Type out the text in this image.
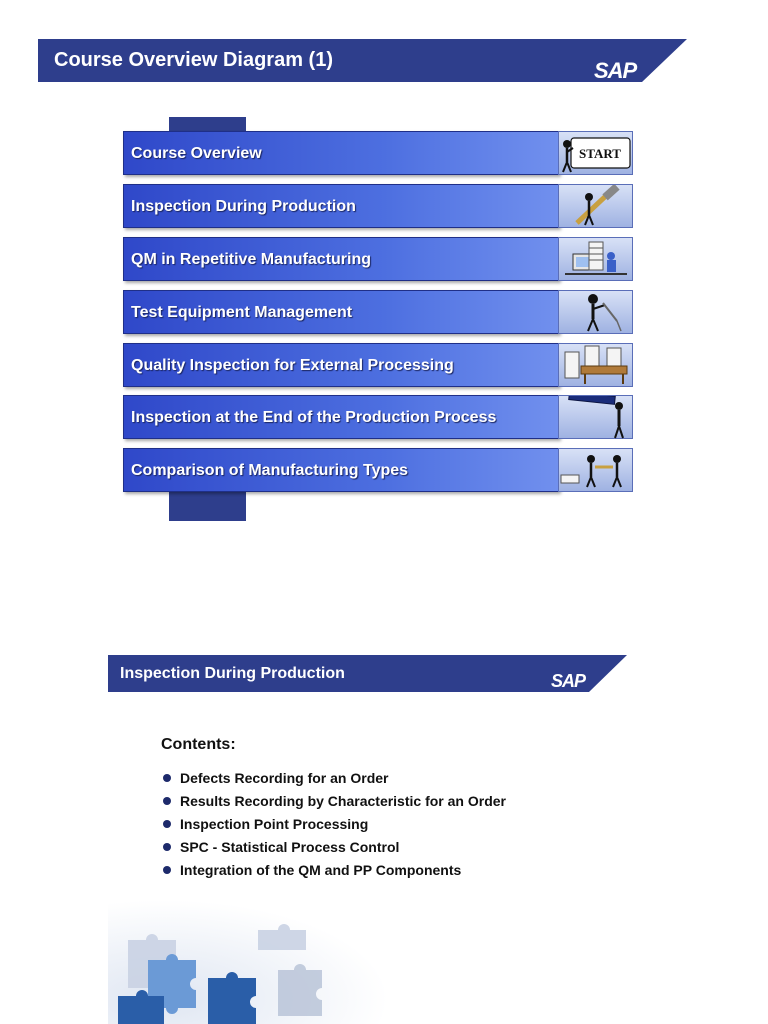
Course Overview Diagram (1)	SAP
Course Overview	START
Inspection During Production
QM in Repetitive Manufacturing
Test Equipment Management
Quality Inspection for External Processing
Inspection at the End of the Production Process
Comparison of Manufacturing Types
Inspection During Production	SAP
Contents:
Defects Recording for an Order
Results Recording by Characteristic for an Order
Inspection Point Processing
SPC - Statistical Process Control
Integration of the QM and PP Components
